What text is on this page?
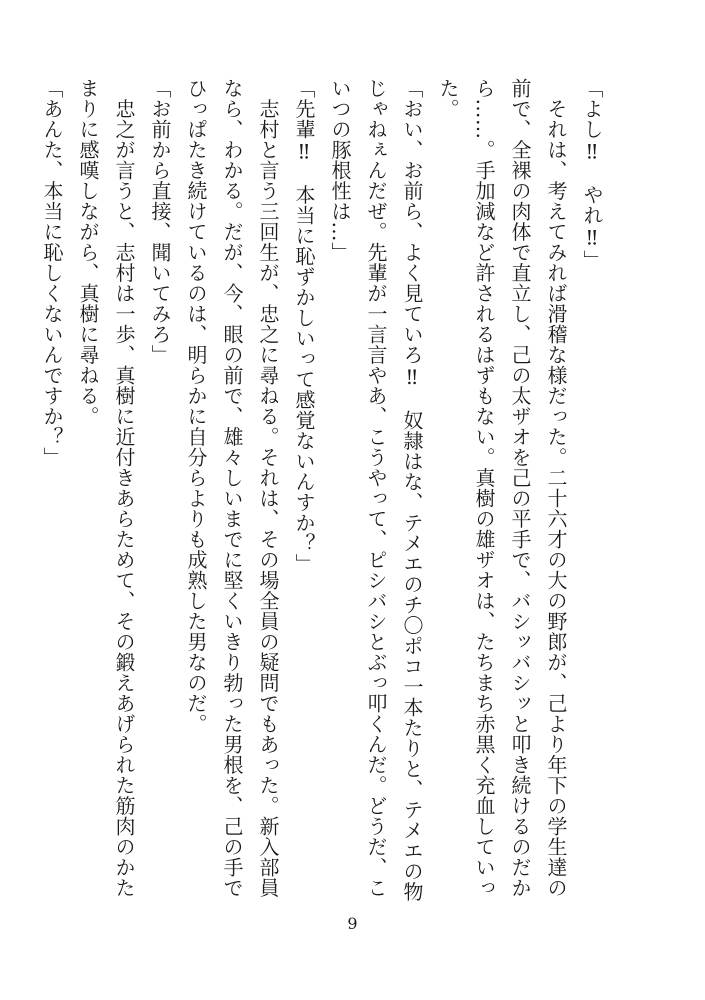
「よし‼　やれ‼」
　それは、考えてみれば滑稽な様だった。二十六才の大の野郎が、己より年下の学生達の
前で、全裸の肉体で直立し、己の太ザオを己の平手で、バシッバシッと叩き続けるのだか
ら……。手加減など許されるはずもない。真樹の雄ザオは、たちまち赤黒く充血していっ
た。
「おい、お前ら、よく見ていろ‼　奴隷はな、テメエのチ〇ポコ一本たりと、テメエの物
じゃねぇんだぜ。先輩が一言言やあ、こうやって、ピシバシとぶっ叩くんだ。どうだ、こ
いつの豚根性は…」
「先輩‼　本当に恥ずかしいって感覚ないんすか？」
　志村と言う三回生が、忠之に尋ねる。それは、その場全員の疑問でもあった。新入部員
なら、わかる。だが、今、眼の前で、雄々しいまでに堅くいきり勃った男根を、己の手で
ひっぱたき続けているのは、明らかに自分らよりも成熟した男なのだ。
「お前から直接、聞いてみろ」
　忠之が言うと、志村は一歩、真樹に近付きあらためて、その鍛えあげられた筋肉のかた
まりに感嘆しながら、真樹に尋ねる。
「あんた、本当に恥しくないんですか？」
9
